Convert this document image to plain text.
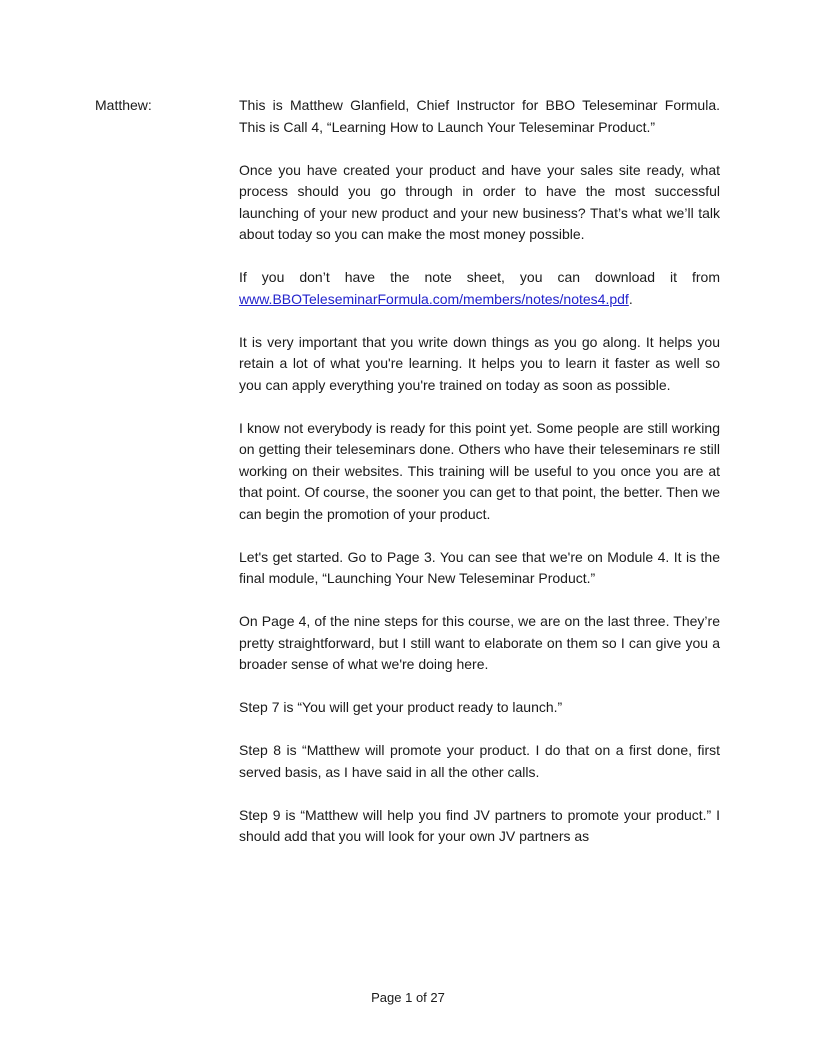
Matthew:	This is Matthew Glanfield, Chief Instructor for BBO Teleseminar Formula. This is Call 4, “Learning How to Launch Your Teleseminar Product.”

Once you have created your product and have your sales site ready, what process should you go through in order to have the most successful launching of your new product and your new business? That’s what we’ll talk about today so you can make the most money possible.

If you don’t have the note sheet, you can download it from www.BBOTeleseminarFormula.com/members/notes/notes4.pdf.

It is very important that you write down things as you go along. It helps you retain a lot of what you're learning. It helps you to learn it faster as well so you can apply everything you're trained on today as soon as possible.

I know not everybody is ready for this point yet. Some people are still working on getting their teleseminars done. Others who have their teleseminars re still working on their websites. This training will be useful to you once you are at that point. Of course, the sooner you can get to that point, the better. Then we can begin the promotion of your product.

Let's get started. Go to Page 3. You can see that we're on Module 4. It is the final module, “Launching Your New Teleseminar Product.”

On Page 4, of the nine steps for this course, we are on the last three. They’re pretty straightforward, but I still want to elaborate on them so I can give you a broader sense of what we're doing here.

Step 7 is “You will get your product ready to launch.”

Step 8 is “Matthew will promote your product. I do that on a first done, first served basis, as I have said in all the other calls.

Step 9 is “Matthew will help you find JV partners to promote your product.” I should add that you will look for your own JV partners as

Page 1 of 27
